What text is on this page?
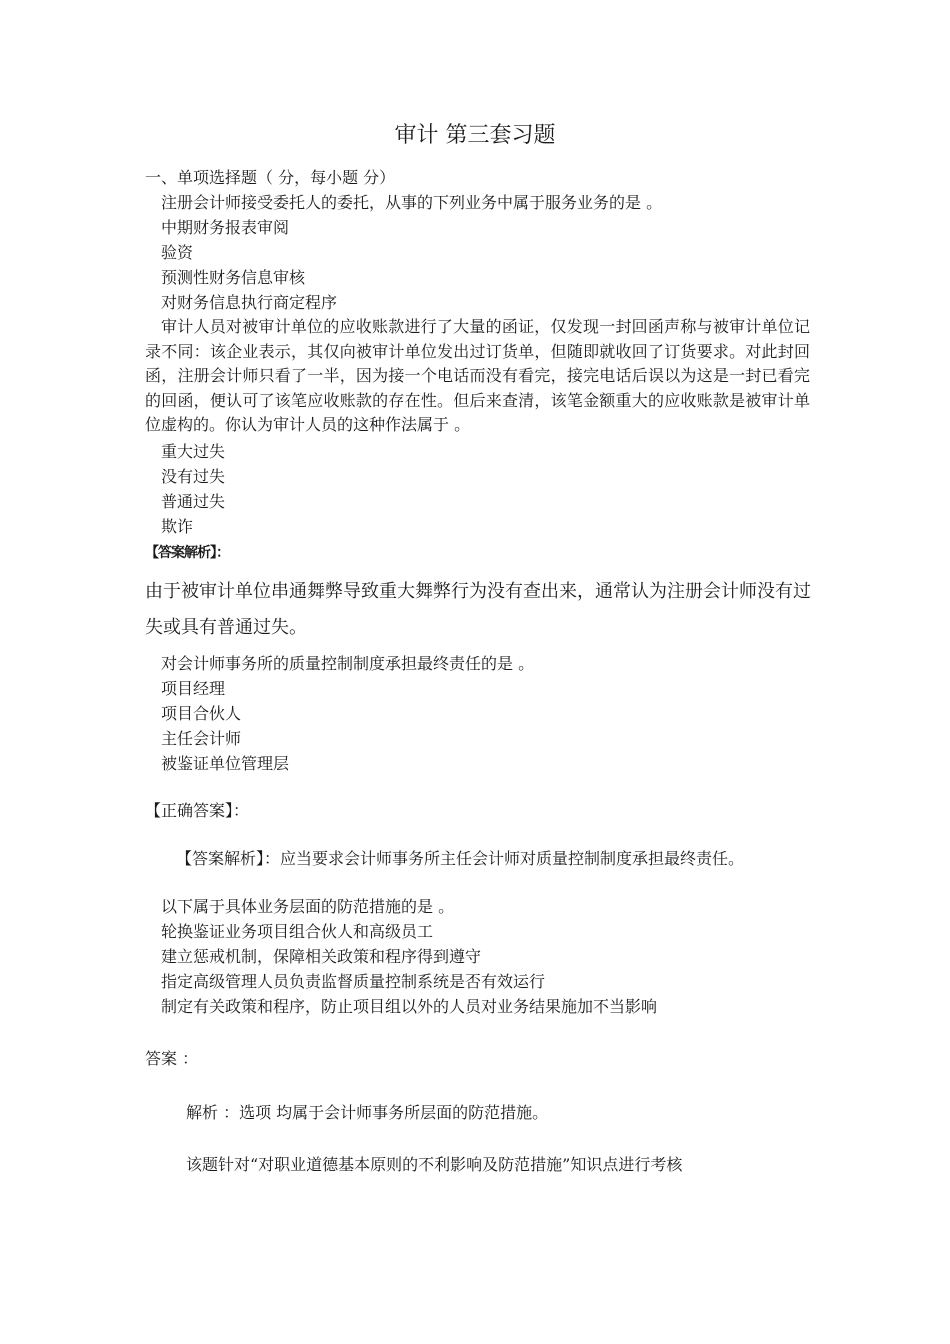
审计 第三套习题
一、单项选择题（ 分，每小题 分）
注册会计师接受委托人的委托，从事的下列业务中属于服务业务的是 。
中期财务报表审阅
验资
预测性财务信息审核
对财务信息执行商定程序
审计人员对被审计单位的应收账款进行了大量的函证，仅发现一封回函声称与被审计单位记录不同：该企业表示，其仅向被审计单位发出过订货单，但随即就收回了订货要求。对此封回函，注册会计师只看了一半，因为接一个电话而没有看完，接完电话后误以为这是一封已看完的回函，便认可了该笔应收账款的存在性。但后来查清，该笔金额重大的应收账款是被审计单位虚构的。你认为审计人员的这种作法属于 。
重大过失
没有过失
普通过失
欺诈
【答案解析】：
由于被审计单位串通舞弊导致重大舞弊行为没有查出来，通常认为注册会计师没有过失或具有普通过失。
对会计师事务所的质量控制制度承担最终责任的是 。
项目经理
项目合伙人
主任会计师
被鉴证单位管理层
【正确答案】：
【答案解析】：应当要求会计师事务所主任会计师对质量控制制度承担最终责任。
以下属于具体业务层面的防范措施的是 。
轮换鉴证业务项目组合伙人和高级员工
建立惩戒机制，保障相关政策和程序得到遵守
指定高级管理人员负责监督质量控制系统是否有效运行
制定有关政策和程序，防止项目组以外的人员对业务结果施加不当影响
答案 ：
解析 ：选项 均属于会计师事务所层面的防范措施。
该题针对“对职业道德基本原则的不利影响及防范措施”知识点进行考核
